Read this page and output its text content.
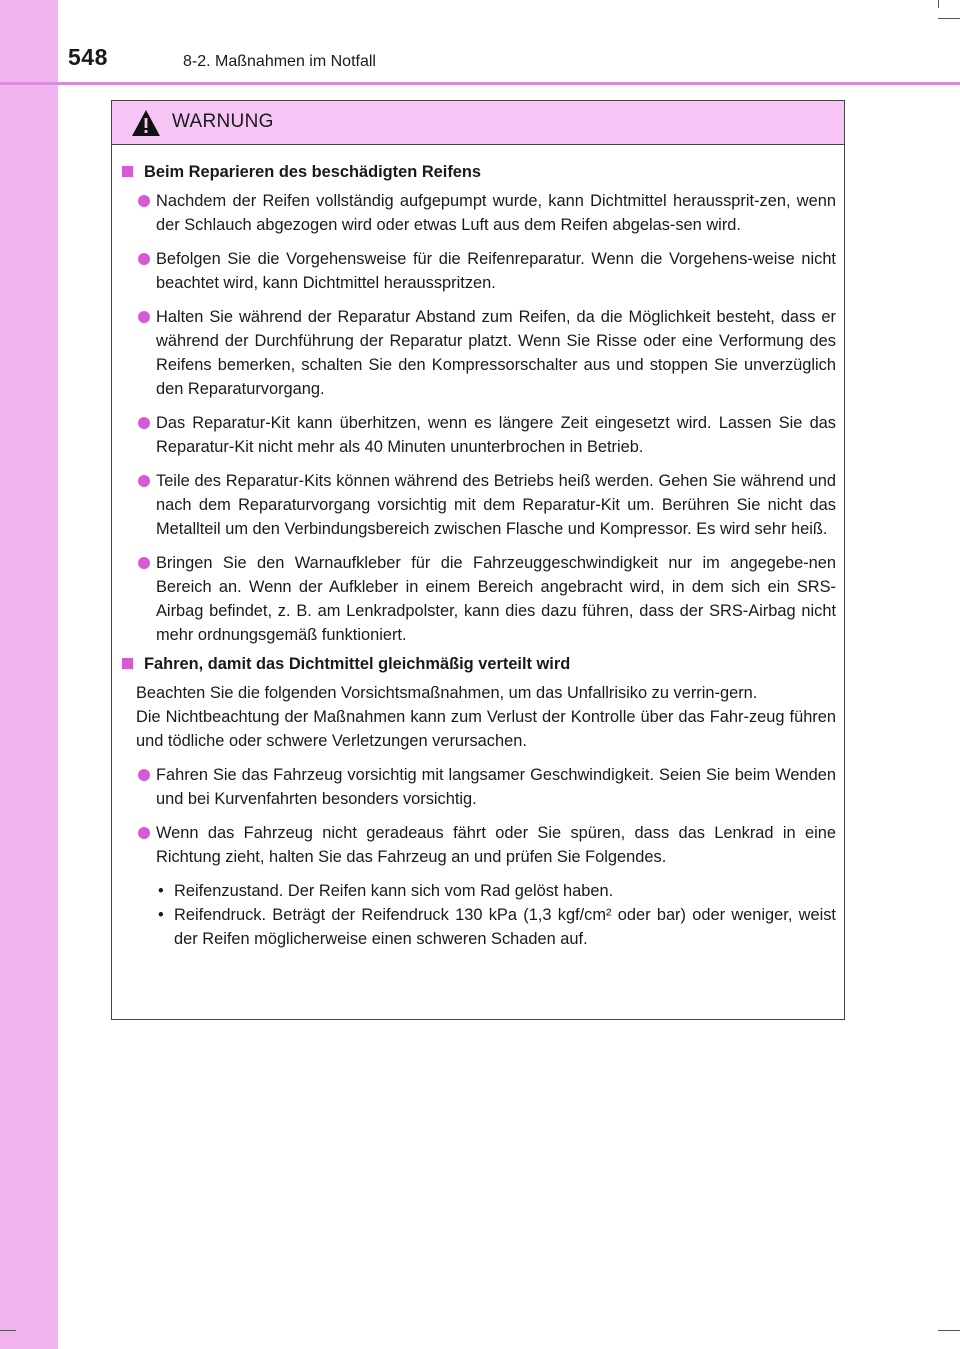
548	8-2. Maßnahmen im Notfall
WARNUNG
Beim Reparieren des beschädigten Reifens
Nachdem der Reifen vollständig aufgepumpt wurde, kann Dichtmittel heraussprit-zen, wenn der Schlauch abgezogen wird oder etwas Luft aus dem Reifen abgelas-sen wird.
Befolgen Sie die Vorgehensweise für die Reifenreparatur. Wenn die Vorgehens-weise nicht beachtet wird, kann Dichtmittel herausspritzen.
Halten Sie während der Reparatur Abstand zum Reifen, da die Möglichkeit besteht, dass er während der Durchführung der Reparatur platzt. Wenn Sie Risse oder eine Verformung des Reifens bemerken, schalten Sie den Kompressorschalter aus und stoppen Sie unverzüglich den Reparaturvorgang.
Das Reparatur-Kit kann überhitzen, wenn es längere Zeit eingesetzt wird. Lassen Sie das Reparatur-Kit nicht mehr als 40 Minuten ununterbrochen in Betrieb.
Teile des Reparatur-Kits können während des Betriebs heiß werden. Gehen Sie während und nach dem Reparaturvorgang vorsichtig mit dem Reparatur-Kit um. Berühren Sie nicht das Metallteil um den Verbindungsbereich zwischen Flasche und Kompressor. Es wird sehr heiß.
Bringen Sie den Warnaufkleber für die Fahrzeuggeschwindigkeit nur im angegebe-nen Bereich an. Wenn der Aufkleber in einem Bereich angebracht wird, in dem sich ein SRS-Airbag befindet, z. B. am Lenkradpolster, kann dies dazu führen, dass der SRS-Airbag nicht mehr ordnungsgemäß funktioniert.
Fahren, damit das Dichtmittel gleichmäßig verteilt wird
Beachten Sie die folgenden Vorsichtsmaßnahmen, um das Unfallrisiko zu verrin-gern.
Die Nichtbeachtung der Maßnahmen kann zum Verlust der Kontrolle über das Fahr-zeug führen und tödliche oder schwere Verletzungen verursachen.
Fahren Sie das Fahrzeug vorsichtig mit langsamer Geschwindigkeit. Seien Sie beim Wenden und bei Kurvenfahrten besonders vorsichtig.
Wenn das Fahrzeug nicht geradeaus fährt oder Sie spüren, dass das Lenkrad in eine Richtung zieht, halten Sie das Fahrzeug an und prüfen Sie Folgendes.
• Reifenzustand. Der Reifen kann sich vom Rad gelöst haben.
• Reifendruck. Beträgt der Reifendruck 130 kPa (1,3 kgf/cm² oder bar) oder weniger, weist der Reifen möglicherweise einen schweren Schaden auf.
